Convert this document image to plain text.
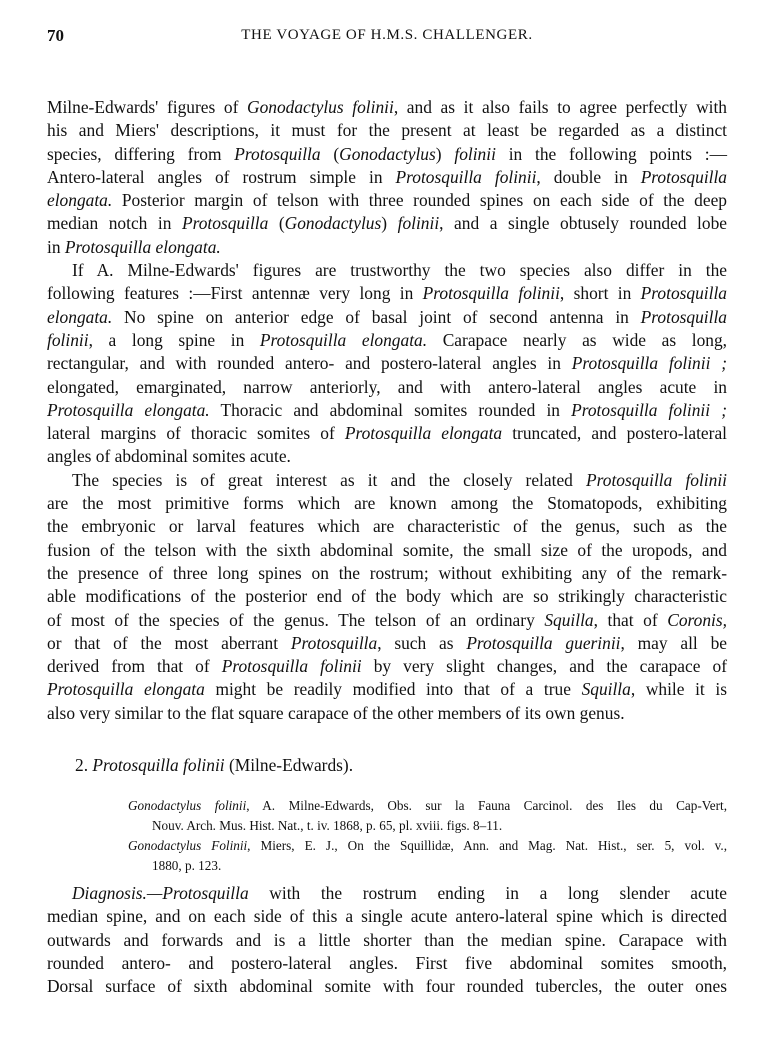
70	THE VOYAGE OF H.M.S. CHALLENGER.
Milne-Edwards' figures of Gonodactylus folinii, and as it also fails to agree perfectly with
his and Miers' descriptions, it must for the present at least be regarded as a distinct
species, differing from Protosquilla (Gonodactylus) folinii in the following points :—
Antero-lateral angles of rostrum simple in Protosquilla folinii, double in Protosquilla
elongata. Posterior margin of telson with three rounded spines on each side of the deep
median notch in Protosquilla (Gonodactylus) folinii, and a single obtusely rounded lobe
in Protosquilla elongata.
If A. Milne-Edwards' figures are trustworthy the two species also differ in the
following features :—First antennæ very long in Protosquilla folinii, short in Protosquilla
elongata. No spine on anterior edge of basal joint of second antenna in Protosquilla
folinii, a long spine in Protosquilla elongata. Carapace nearly as wide as long,
rectangular, and with rounded antero- and postero-lateral angles in Protosquilla folinii ;
elongated, emarginated, narrow anteriorly, and with antero-lateral angles acute in
Protosquilla elongata. Thoracic and abdominal somites rounded in Protosquilla folinii ;
lateral margins of thoracic somites of Protosquilla elongata truncated, and postero-lateral
angles of abdominal somites acute.
The species is of great interest as it and the closely related Protosquilla folinii
are the most primitive forms which are known among the Stomatopods, exhibiting
the embryonic or larval features which are characteristic of the genus, such as the
fusion of the telson with the sixth abdominal somite, the small size of the uropods, and
the presence of three long spines on the rostrum; without exhibiting any of the remark-
able modifications of the posterior end of the body which are so strikingly characteristic
of most of the species of the genus. The telson of an ordinary Squilla, that of Coronis,
or that of the most aberrant Protosquilla, such as Protosquilla guerinii, may all be
derived from that of Protosquilla folinii by very slight changes, and the carapace of
Protosquilla elongata might be readily modified into that of a true Squilla, while it is
also very similar to the flat square carapace of the other members of its own genus.
2. Protosquilla folinii (Milne-Edwards).
Gonodactylus folinii, A. Milne-Edwards, Obs. sur la Fauna Carcinol. des Iles du Cap-Vert,
Nouv. Arch. Mus. Hist. Nat., t. iv. 1868, p. 65, pl. xviii. figs. 8–11.
Gonodactylus Folinii, Miers, E. J., On the Squillidæ, Ann. and Mag. Nat. Hist., ser. 5, vol. v.,
1880, p. 123.
Diagnosis.—Protosquilla with the rostrum ending in a long slender acute
median spine, and on each side of this a single acute antero-lateral spine which is directed
outwards and forwards and is a little shorter than the median spine. Carapace with
rounded antero- and postero-lateral angles. First five abdominal somites smooth,
Dorsal surface of sixth abdominal somite with four rounded tubercles, the outer ones
